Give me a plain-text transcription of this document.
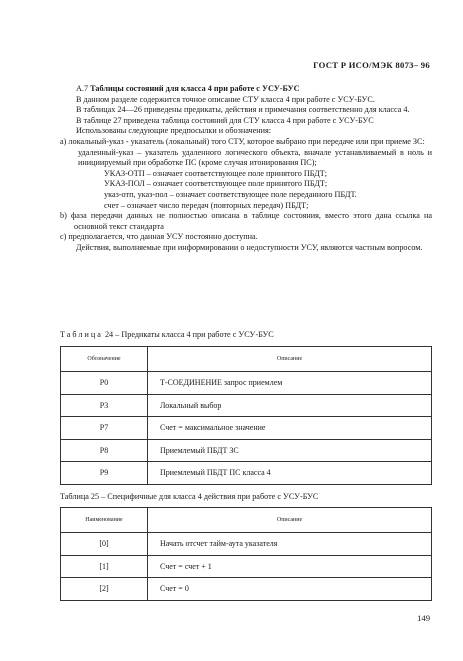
ГОСТ Р ИСО/МЭК 8073– 96

A.7 Таблицы состояний для класса 4 при работе с УСУ-БУС

В данном разделе содержится точное описание СТУ класса 4 при работе с УСУ-БУС.

В таблицах 24—26 приведены предикаты, действия и примечания соответственно для класса 4.

В таблице 27 приведена таблица состояний для СТУ класса 4 при работе с УСУ-БУС

Использованы следующие предпосылки и обозначения:

a) локальный-указ - указатель (локальный) того СТУ, которое выбрано при передаче или при приеме ЗС:

удаленный-указ – указатель удаленного логического объекта, вначале устанавливаемый в ноль и инициируемый при обработке ПС (кроме случая итонирования ПС);

УКАЗ-ОТП – означает соответствующее поле принятого ПБДТ;

УКАЗ-ПОЛ – означает соответствующее поле принятого ПБДТ;

указ-отп, указ-пол – означает соответствующее поле переданного ПБДТ.

счет – означает число передач (повторных передач) ПБДТ;

b) фаза передачи данных не полностью описана в таблице состояния, вместо этого дана ссылка на основной текст стандарта

c) предполагается, что данная УСУ постоянно доступна.

Действия, выполняемые при информировании о недоступности УСУ, являются частным вопросом.

Таблица 24 – Предикаты класса 4 при работе с УСУ-БУС
Обозначение	Описание
P0	Т-СОЕДИНЕНИЕ запрос приемлем
P3	Локальный выбор
P7	Счет = максимальное значение
P8	Приемлемый ПБДТ ЗС
P9	Приемлемый ПБДТ ПС класса 4
Таблица 25 – Специфичные для класса 4 действия при работе с УСУ-БУС
Наименование	Описание
[0]	Начать отсчет тайм-аута указателя
[1]	Счет = счет + 1
[2]	Счет = 0
149
